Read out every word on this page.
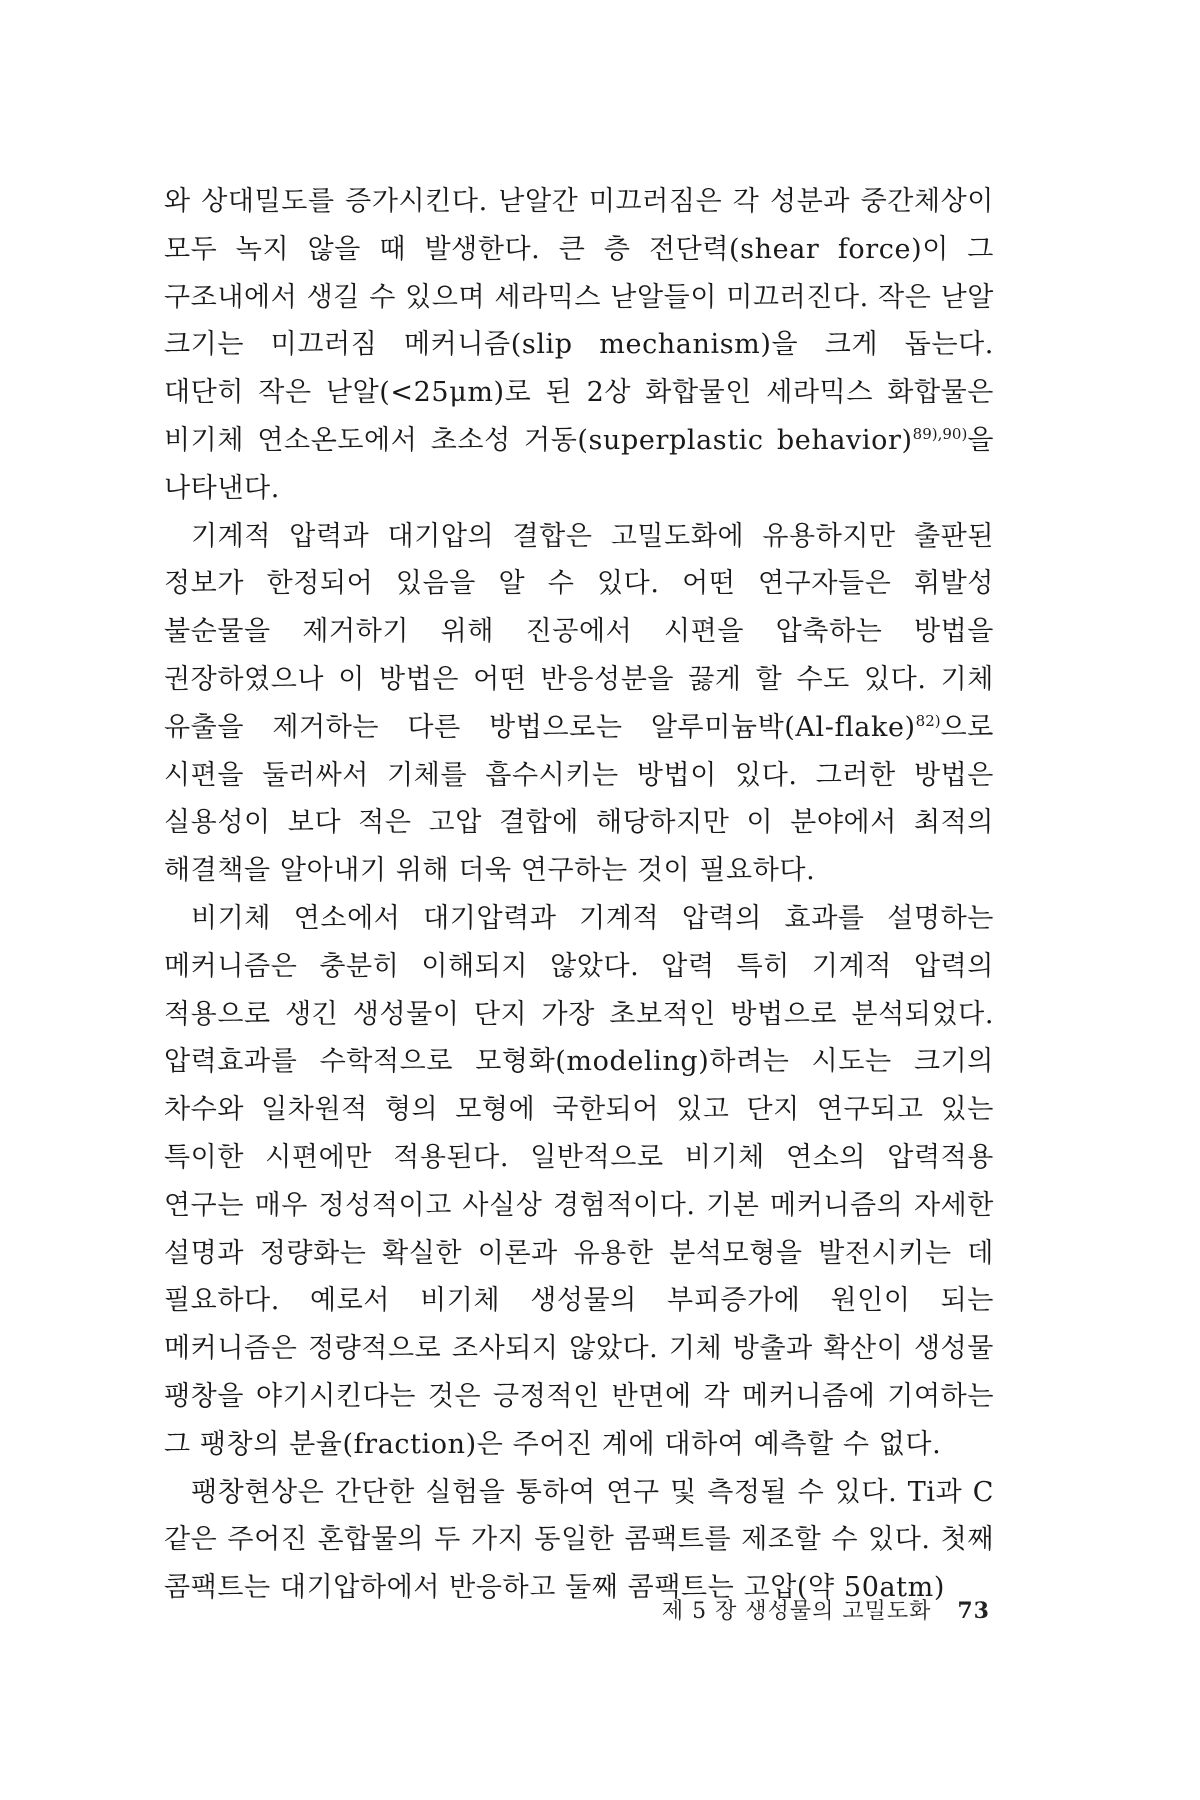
와 상대밀도를 증가시킨다. 낟알간 미끄러짐은 각 성분과 중간체상이 모두 녹지 않을 때 발생한다. 큰 층 전단력(shear force)이 그 구조내에서 생길 수 있으며 세라믹스 낟알들이 미끄러진다. 작은 낟알 크기는 미끄러짐 메커니즘(slip mechanism)을 크게 돕는다. 대단히 작은 낟알(<25μm)로 된 2상 화합물인 세라믹스 화합물은 비기체 연소온도에서 초소성 거동(superplastic behavior)$^{89),90)}$을 나타낸다.

기계적 압력과 대기압의 결합은 고밀도화에 유용하지만 출판된 정보가 한정되어 있음을 알 수 있다. 어떤 연구자들은 휘발성 불순물을 제거하기 위해 진공에서 시편을 압축하는 방법을 권장하였으나 이 방법은 어떤 반응성분을 끓게 할 수도 있다. 기체 유출을 제거하는 다른 방법으로는 알루미늄박(Al-flake)$^{82)}$으로 시편을 둘러싸서 기체를 흡수시키는 방법이 있다. 그러한 방법은 실용성이 보다 적은 고압 결합에 해당하지만 이 분야에서 최적의 해결책을 알아내기 위해 더욱 연구하는 것이 필요하다.

비기체 연소에서 대기압력과 기계적 압력의 효과를 설명하는 메커니즘은 충분히 이해되지 않았다. 압력 특히 기계적 압력의 적용으로 생긴 생성물이 단지 가장 초보적인 방법으로 분석되었다. 압력효과를 수학적으로 모형화(modeling)하려는 시도는 크기의 차수와 일차원적 형의 모형에 국한되어 있고 단지 연구되고 있는 특이한 시편에만 적용된다. 일반적으로 비기체 연소의 압력적용 연구는 매우 정성적이고 사실상 경험적이다. 기본 메커니즘의 자세한 설명과 정량화는 확실한 이론과 유용한 분석모형을 발전시키는 데 필요하다. 예로서 비기체 생성물의 부피증가에 원인이 되는 메커니즘은 정량적으로 조사되지 않았다. 기체 방출과 확산이 생성물 팽창을 야기시킨다는 것은 긍정적인 반면에 각 메커니즘에 기여하는 그 팽창의 분율(fraction)은 주어진 계에 대하여 예측할 수 없다.

팽창현상은 간단한 실험을 통하여 연구 및 측정될 수 있다. Ti과 C 같은 주어진 혼합물의 두 가지 동일한 콤팩트를 제조할 수 있다. 첫째 콤팩트는 대기압하에서 반응하고 둘째 콤팩트는 고압(약 50atm)

제 5 장 생성물의 고밀도화 73
